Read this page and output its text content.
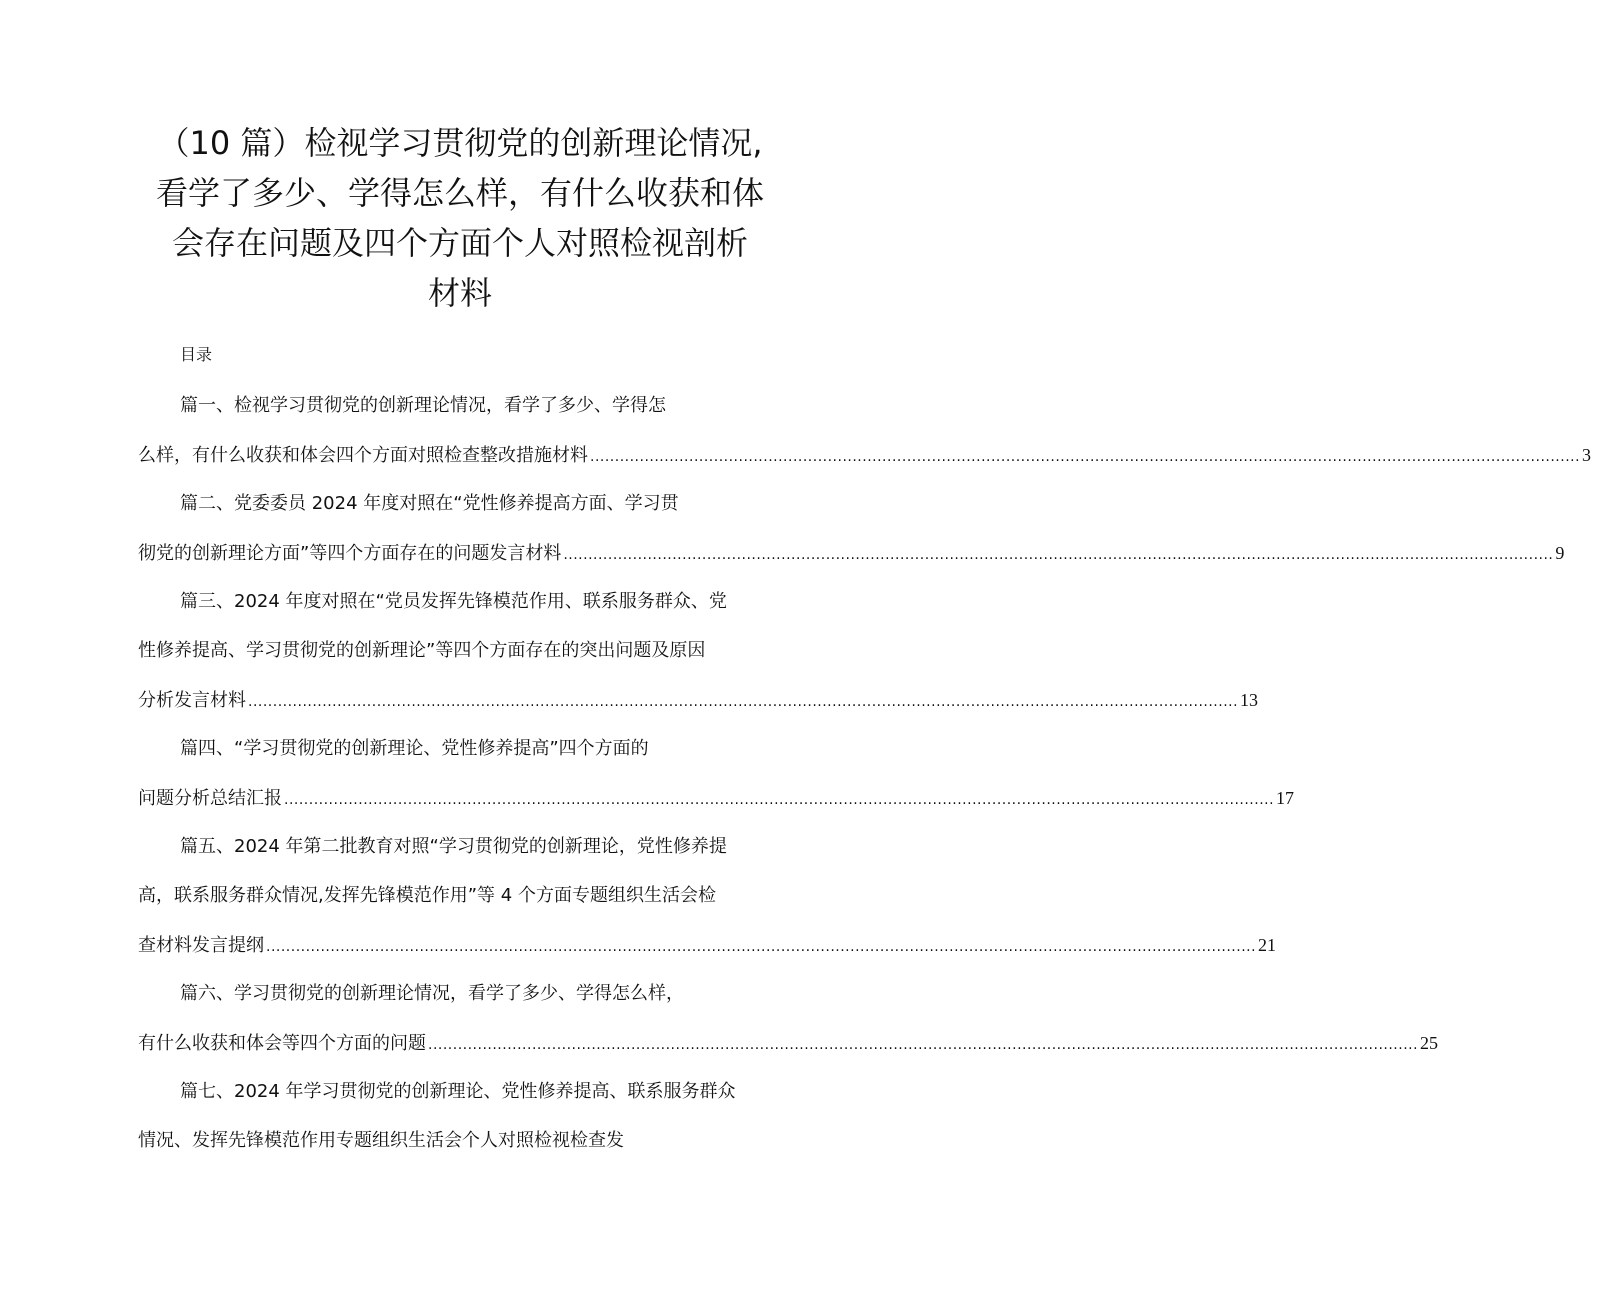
（10 篇）检视学习贯彻党的创新理论情况,
看学了多少、学得怎么样，有什么收获和体
会存在问题及四个方面个人对照检视剖析
材料
目录
篇一、检视学习贯彻党的创新理论情况，看学了多少、学得怎
么样，有什么收获和体会四个方面对照检查整改措施材料 ........................................................................................................................................................................................................ 3
篇二、党委委员 2024 年度对照在“党性修养提高方面、学习贯
彻党的创新理论方面”等四个方面存在的问题发言材料 ........................................................................................................................................................................................................ 9
篇三、2024 年度对照在“党员发挥先锋模范作用、联系服务群众、党
性修养提高、学习贯彻党的创新理论”等四个方面存在的突出问题及原因
分析发言材料 ........................................................................................................................................................................................................ 13
篇四、“学习贯彻党的创新理论、党性修养提高”四个方面的
问题分析总结汇报 ........................................................................................................................................................................................................ 17
篇五、2024 年第二批教育对照“学习贯彻党的创新理论，党性修养提
高，联系服务群众情况,发挥先锋模范作用”等 4 个方面专题组织生活会检
查材料发言提纲 ........................................................................................................................................................................................................ 21
篇六、学习贯彻党的创新理论情况，看学了多少、学得怎么样，
有什么收获和体会等四个方面的问题 ........................................................................................................................................................................................................ 25
篇七、2024 年学习贯彻党的创新理论、党性修养提高、联系服务群众
情况、发挥先锋模范作用专题组织生活会个人对照检视检查发
